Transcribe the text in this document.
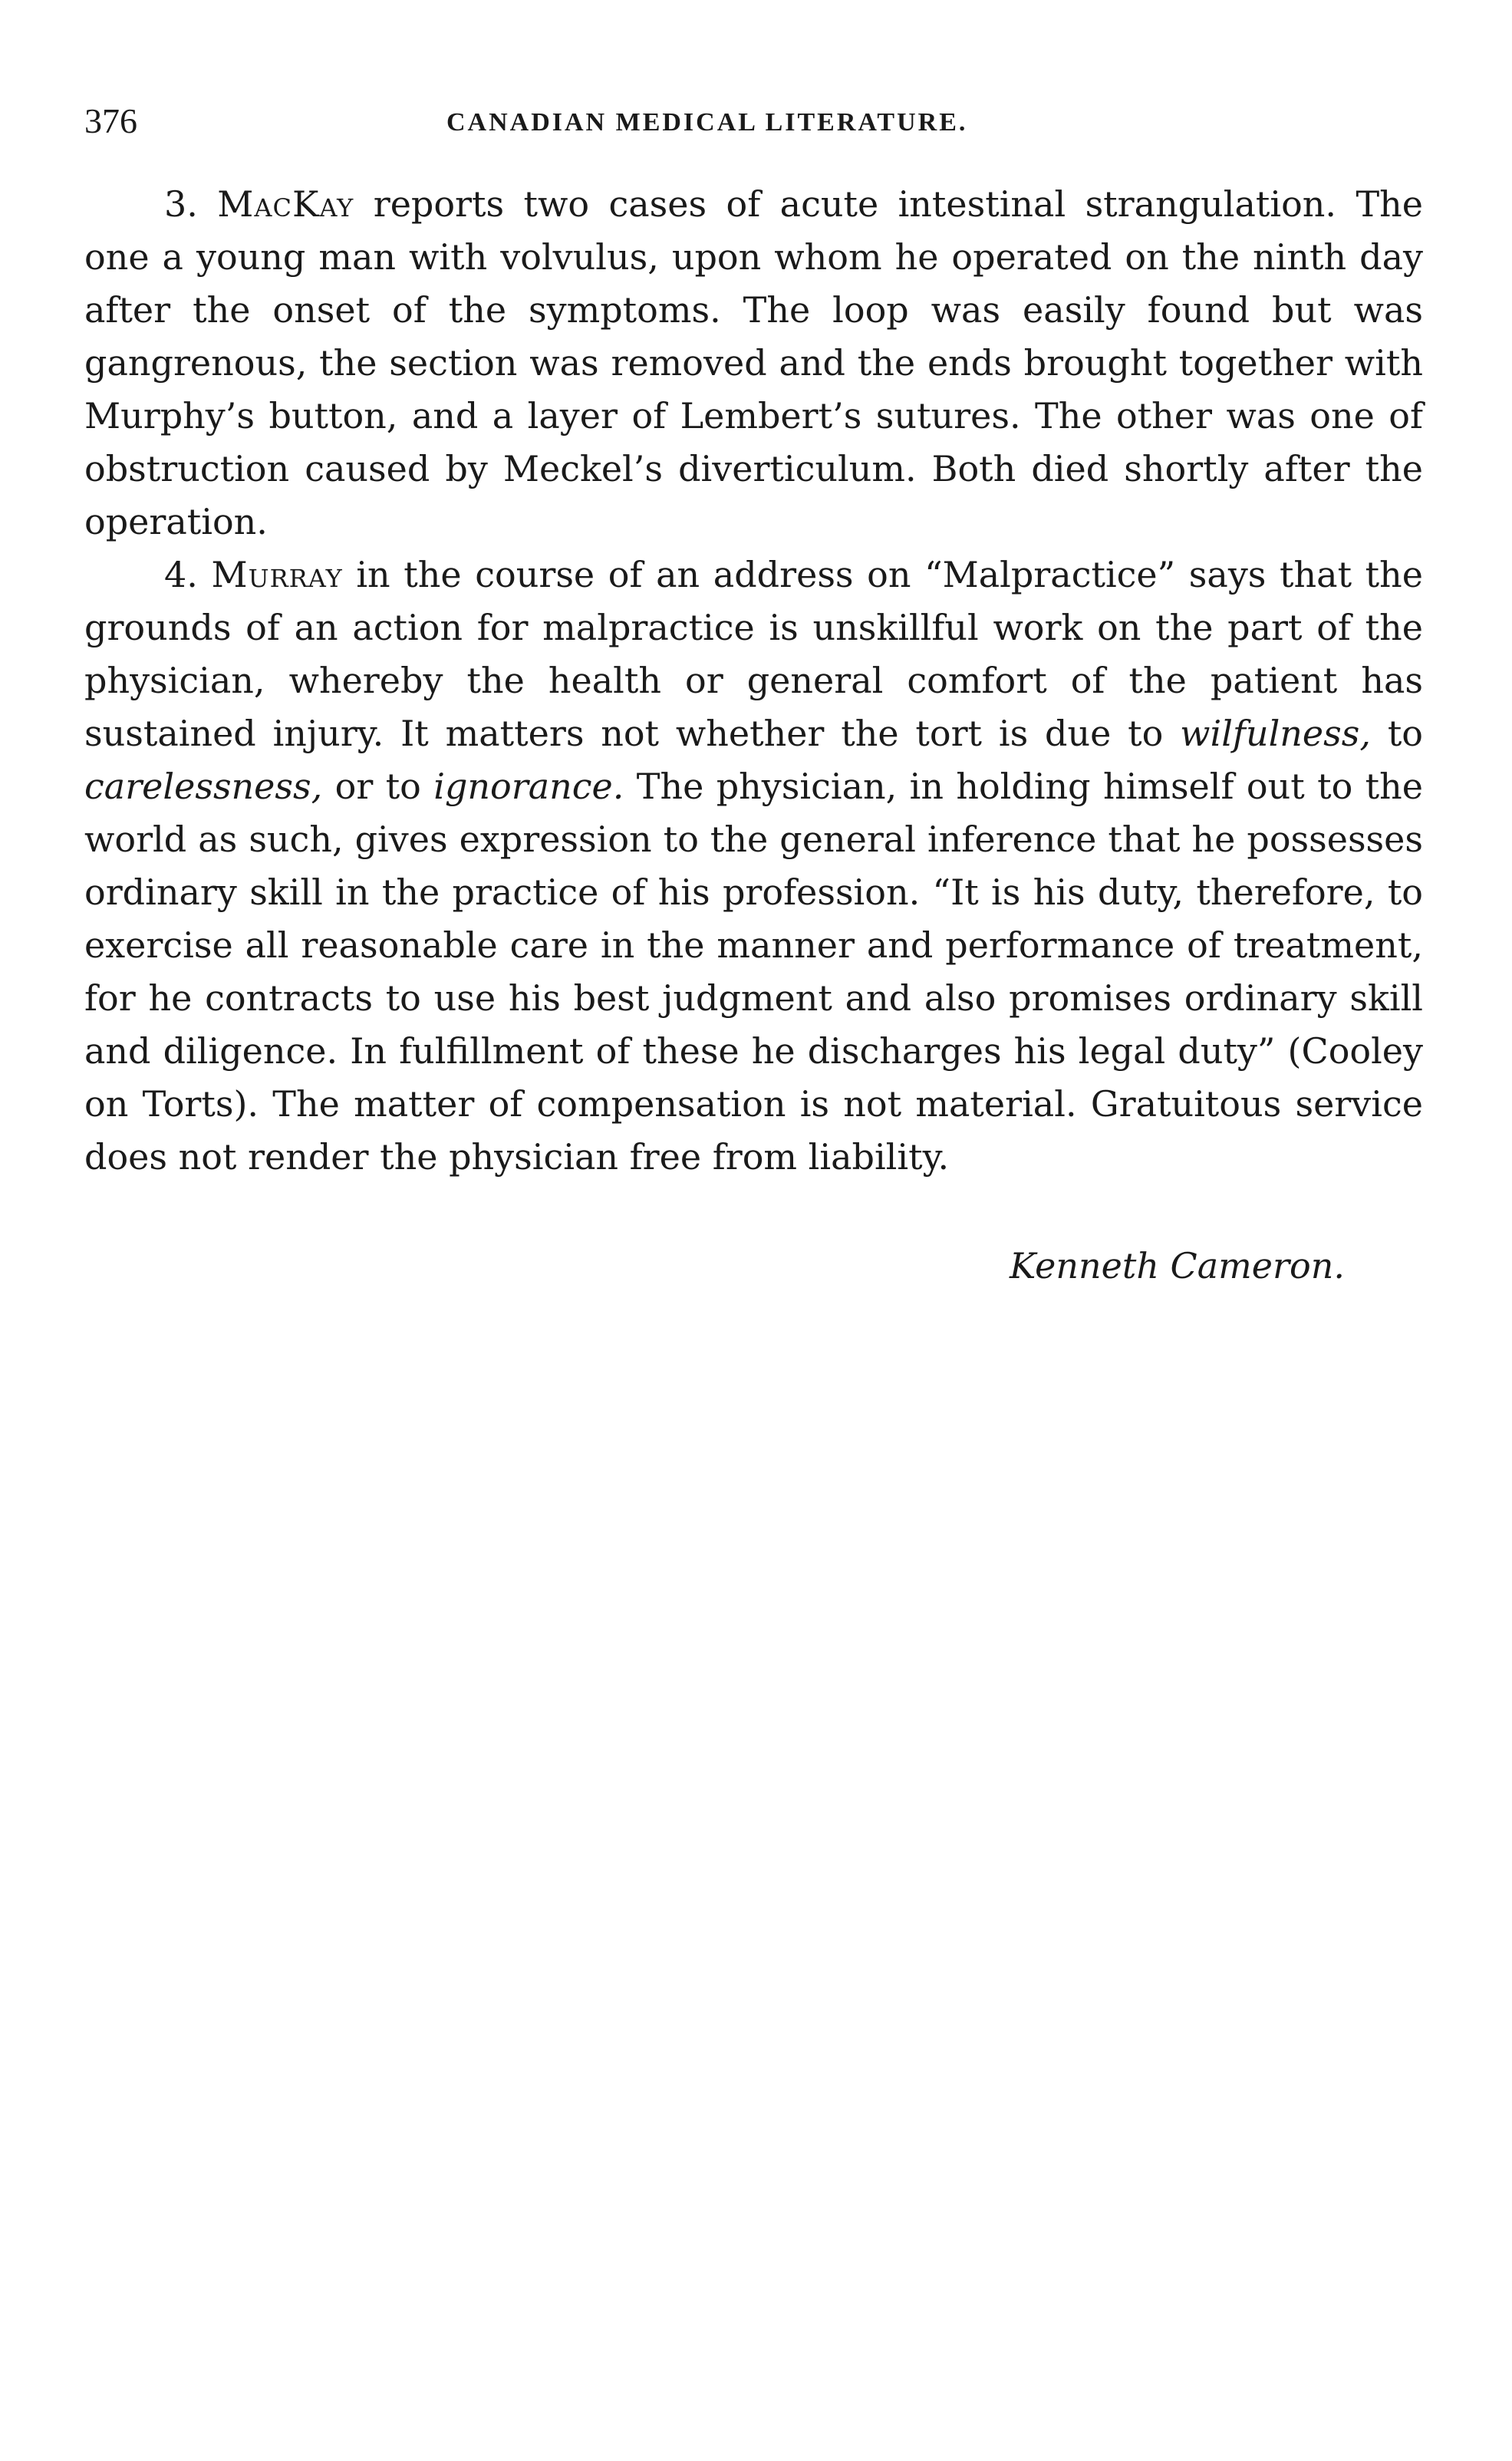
376	CANADIAN MEDICAL LITERATURE.

3. MacKay reports two cases of acute intestinal strangulation. The one a young man with volvulus, upon whom he operated on the ninth day after the onset of the symptoms. The loop was easily found but was gangrenous, the section was removed and the ends brought together with Murphy’s button, and a layer of Lembert’s sutures. The other was one of obstruction caused by Meckel’s diverticulum. Both died shortly after the operation.

4. Murray in the course of an address on “Malpractice” says that the grounds of an action for malpractice is unskillful work on the part of the physician, whereby the health or general comfort of the patient has sustained injury. It matters not whether the tort is due to wilfulness, to carelessness, or to ignorance. The physician, in holding himself out to the world as such, gives expression to the general inference that he possesses ordinary skill in the practice of his profession. “It is his duty, therefore, to exercise all reasonable care in the manner and performance of treatment, for he contracts to use his best judgment and also promises ordinary skill and diligence. In fulfillment of these he discharges his legal duty” (Cooley on Torts). The matter of compensation is not material. Gratuitous service does not render the physician free from liability.

Kenneth Cameron.
